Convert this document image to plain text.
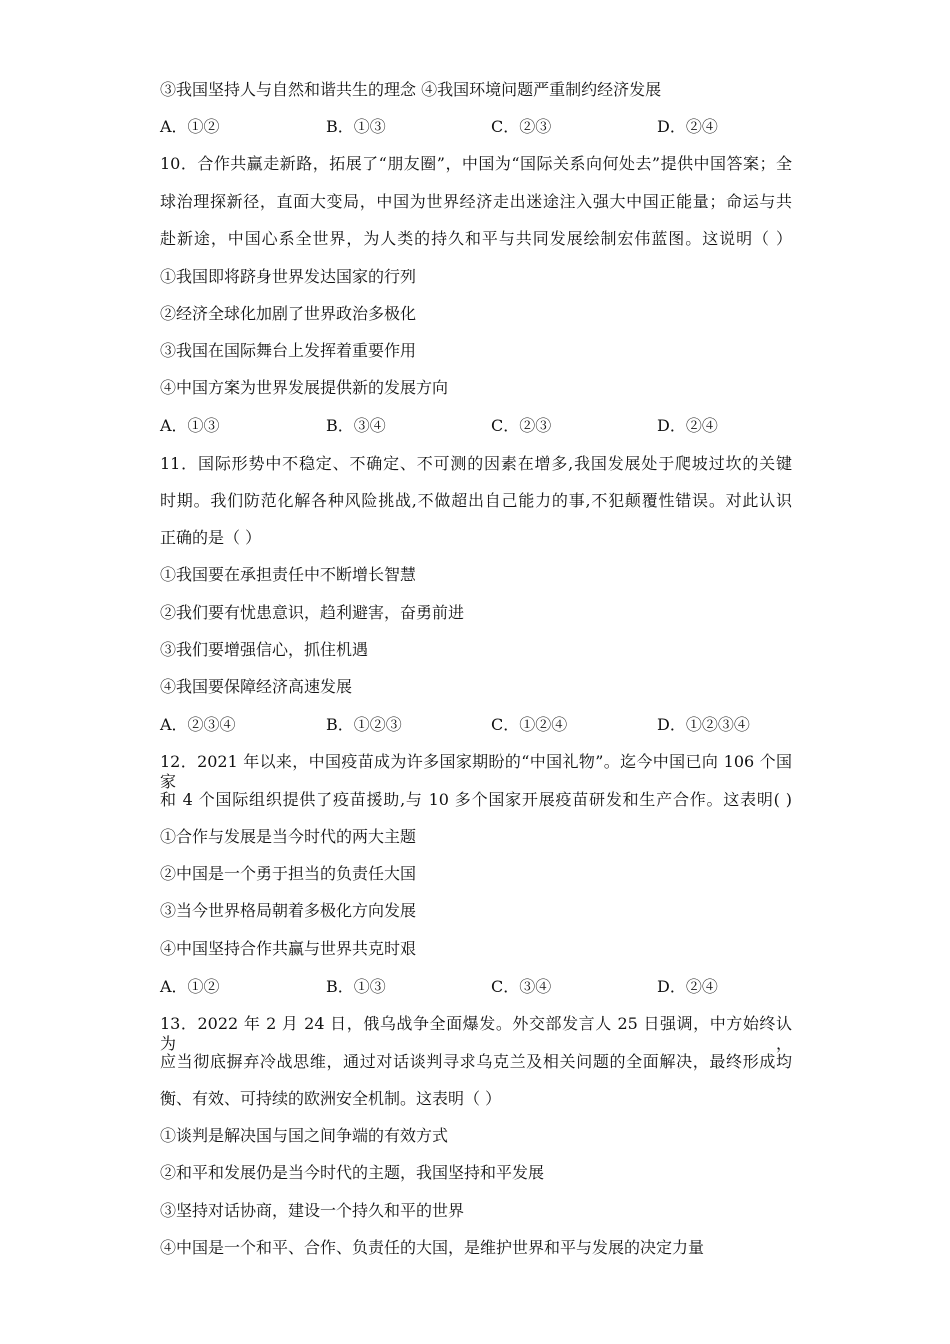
③我国坚持人与自然和谐共生的理念 ④我国环境问题严重制约经济发展
A．①②	B．①③	C．②③	D．②④
10．合作共赢走新路，拓展了“朋友圈”，中国为“国际关系向何处去”提供中国答案；全
球治理探新径，直面大变局，中国为世界经济走出迷途注入强大中国正能量；命运与共
赴新途，中国心系全世界，为人类的持久和平与共同发展绘制宏伟蓝图。这说明（ ）
①我国即将跻身世界发达国家的行列
②经济全球化加剧了世界政治多极化
③我国在国际舞台上发挥着重要作用
④中国方案为世界发展提供新的发展方向
A．①③	B．③④	C．②③	D．②④
11．国际形势中不稳定、不确定、不可测的因素在增多,我国发展处于爬坡过坎的关键
时期。我们防范化解各种风险挑战,不做超出自己能力的事,不犯颠覆性错误。对此认识
正确的是（ ）
①我国要在承担责任中不断增长智慧
②我们要有忧患意识，趋利避害，奋勇前进
③我们要增强信心，抓住机遇
④我国要保障经济高速发展
A．②③④	B．①②③	C．①②④	D．①②③④
12．2021 年以来，中国疫苗成为许多国家期盼的“中国礼物”。迄今中国已向 106 个国家
和 4 个国际组织提供了疫苗援助,与 10 多个国家开展疫苗研发和生产合作。这表明( )
①合作与发展是当今时代的两大主题
②中国是一个勇于担当的负责任大国
③当今世界格局朝着多极化方向发展
④中国坚持合作共赢与世界共克时艰
A．①②	B．①③	C．③④	D．②④
13．2022 年 2 月 24 日，俄乌战争全面爆发。外交部发言人 25 日强调，中方始终认为，
应当彻底摒弃冷战思维，通过对话谈判寻求乌克兰及相关问题的全面解决，最终形成均
衡、有效、可持续的欧洲安全机制。这表明（ ）
①谈判是解决国与国之间争端的有效方式
②和平和发展仍是当今时代的主题，我国坚持和平发展
③坚持对话协商，建设一个持久和平的世界
④中国是一个和平、合作、负责任的大国，是维护世界和平与发展的决定力量
